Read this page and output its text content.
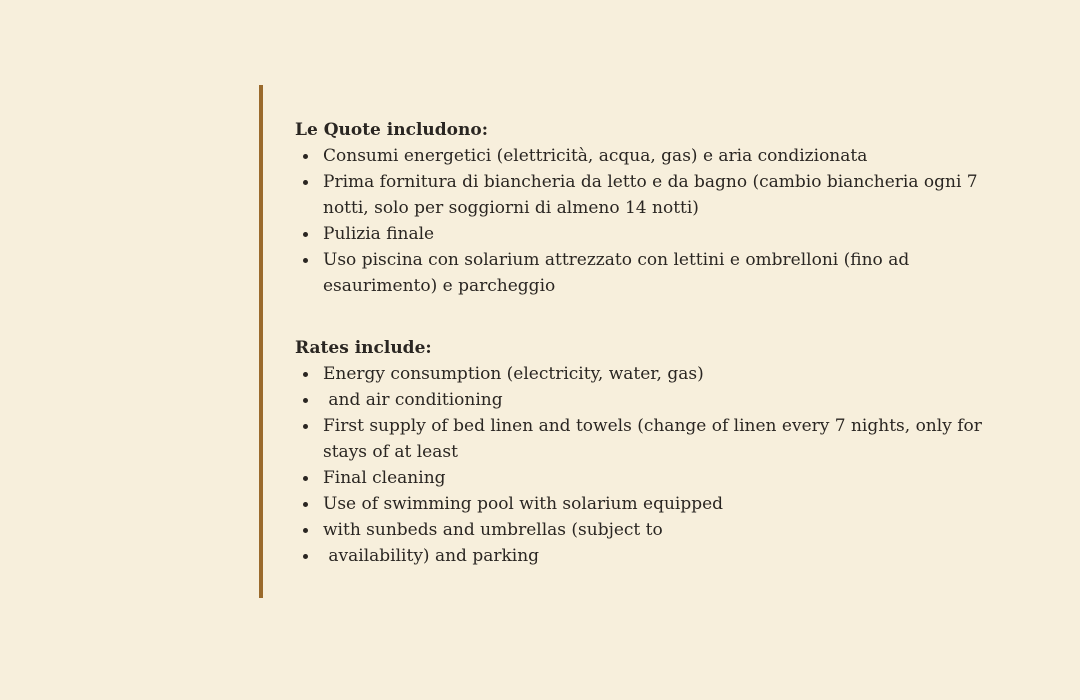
Le Quote includono:

Consumi energetici (elettricità, acqua, gas) e aria condizionata
Prima fornitura di biancheria da letto e da bagno (cambio biancheria ogni 7 notti, solo per soggiorni di almeno 14 notti)
Pulizia finale
Uso piscina con solarium attrezzato con lettini e ombrelloni (fino ad esaurimento) e parcheggio

Rates include:

Energy consumption (electricity, water, gas)
and air conditioning
First supply of bed linen and towels (change of linen every 7 nights, only for stays of at least
Final cleaning
Use of swimming pool with solarium equipped
with sunbeds and umbrellas (subject to
availability) and parking
